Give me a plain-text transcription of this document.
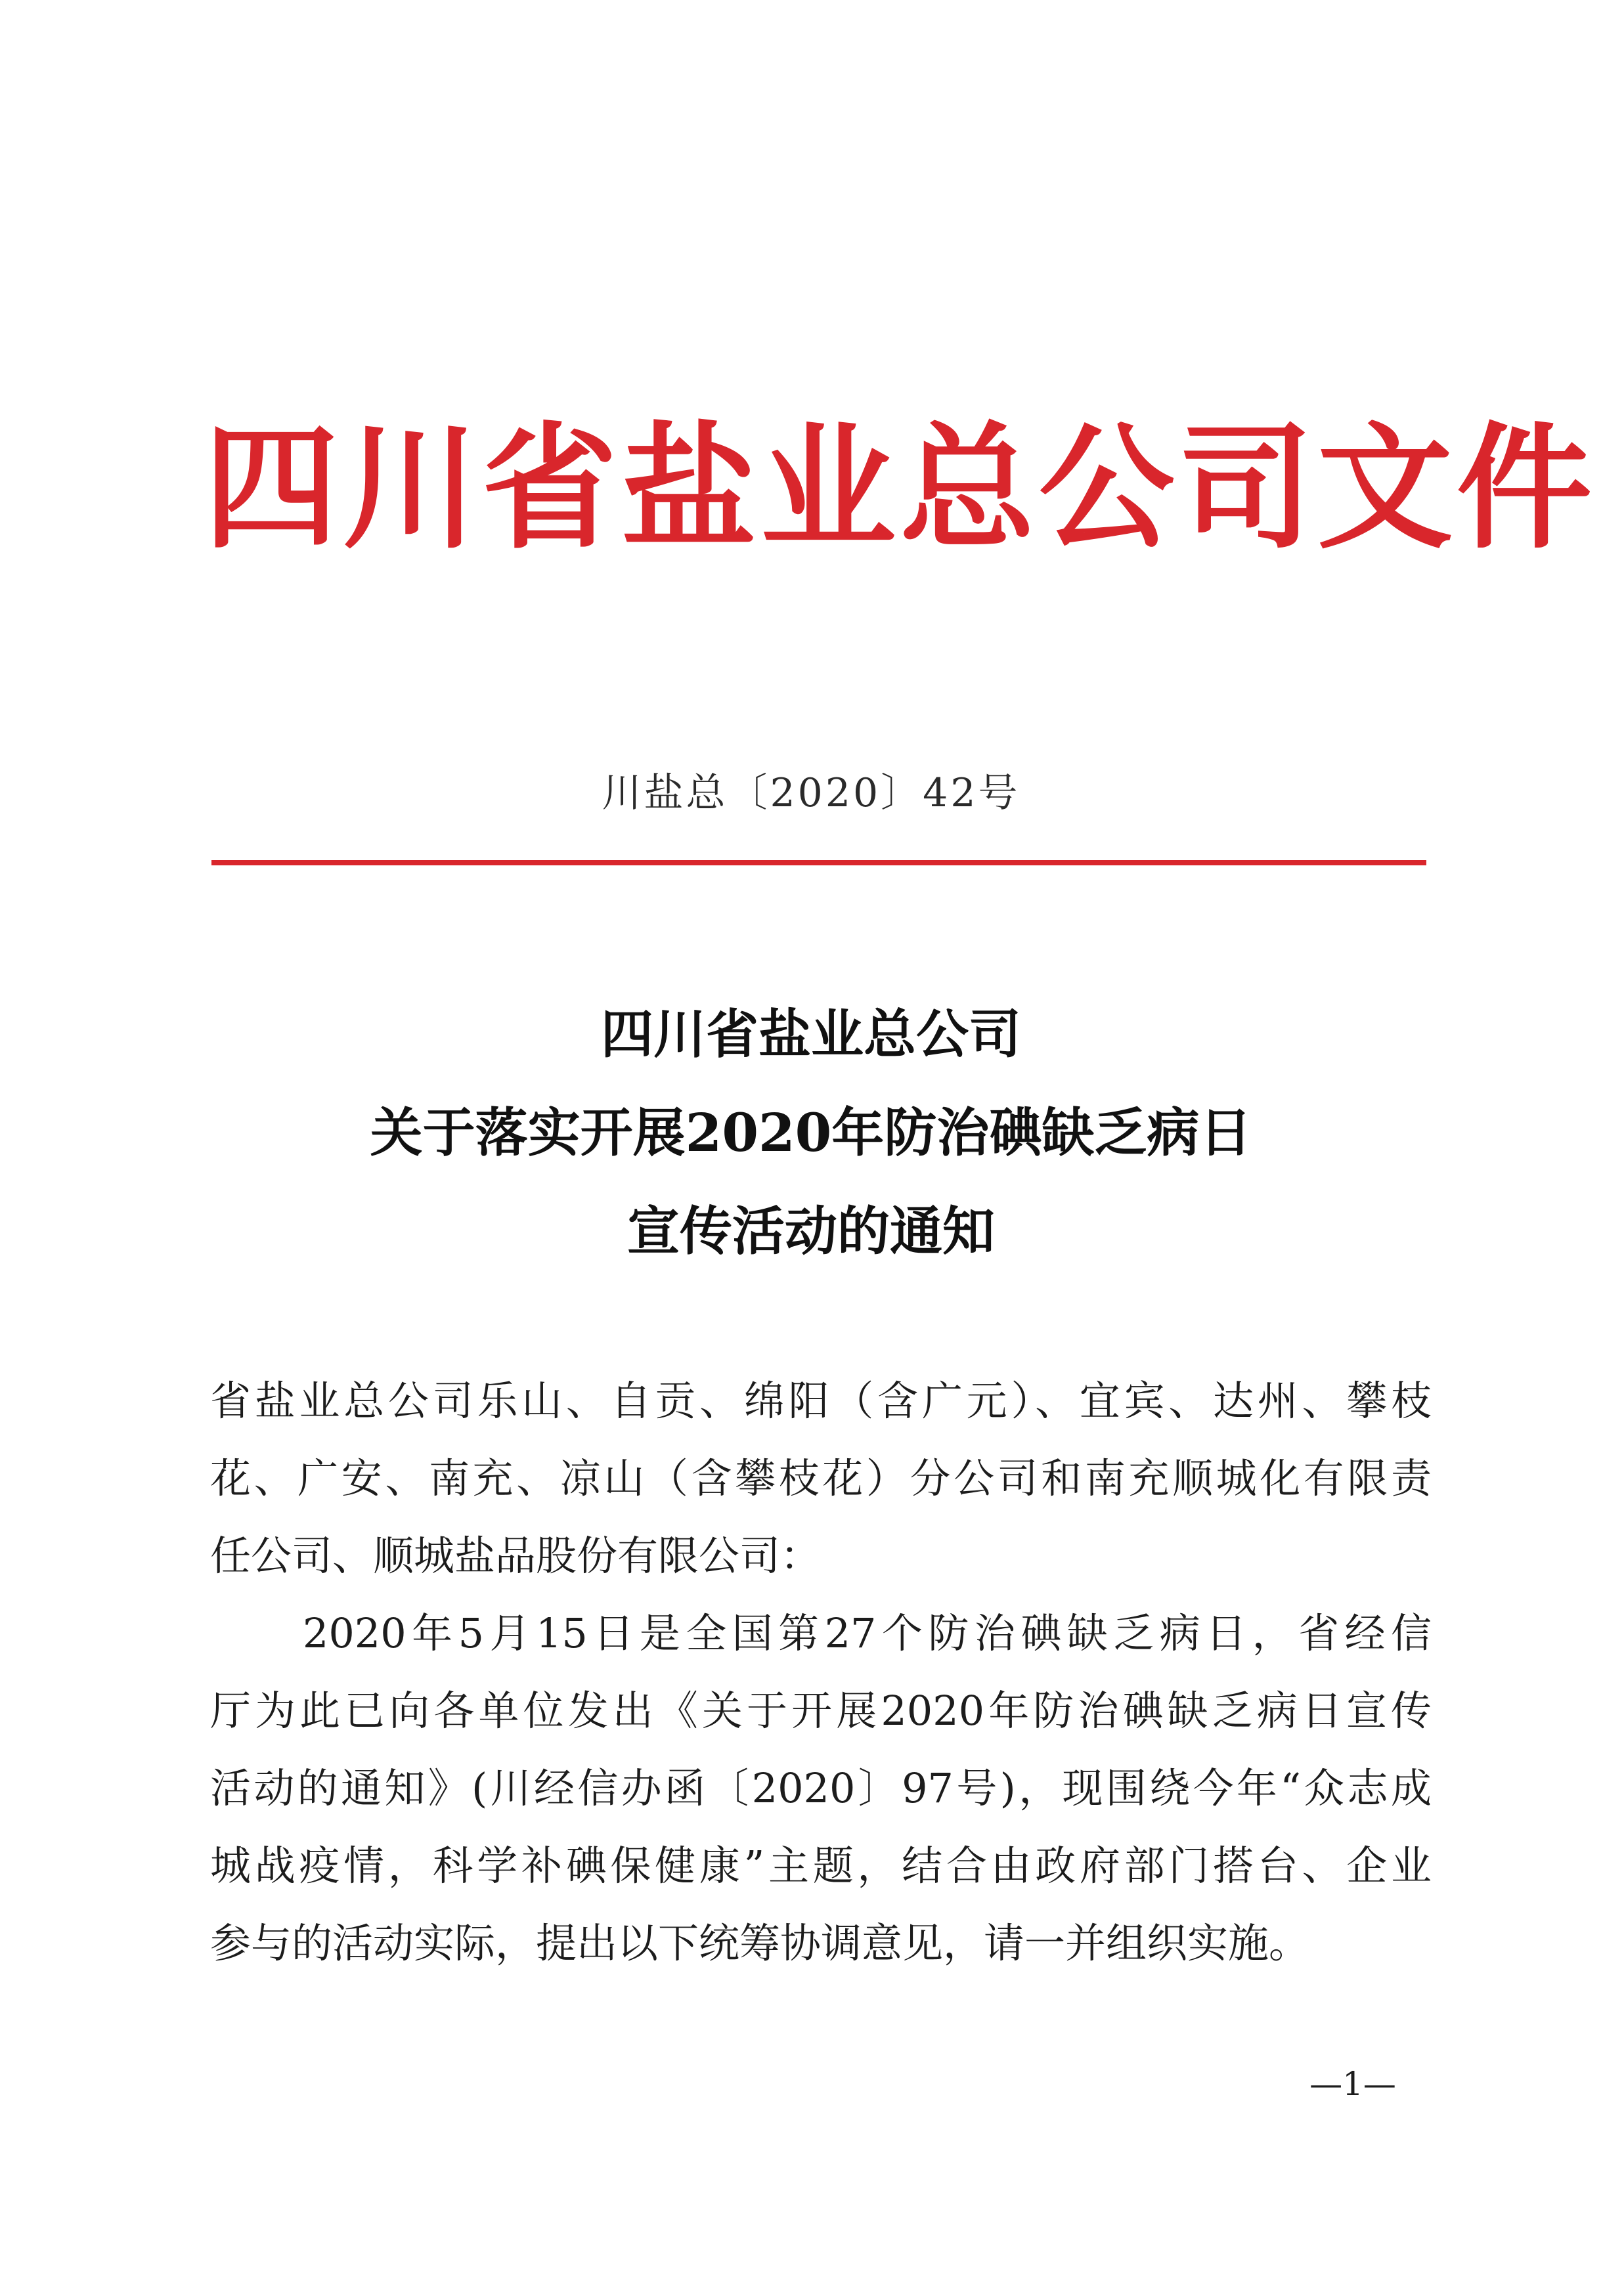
四川省盐业总公司文件
川盐总〔2020〕42号
四川省盐业总公司
关于落实开展2020年防治碘缺乏病日
宣传活动的通知
省盐业总公司乐山、自贡、绵阳（含广元）、宜宾、达州、攀枝
花、广安、南充、凉山（含攀枝花）分公司和南充顺城化有限责
任公司、顺城盐品股份有限公司：
　　2020年5月15日是全国第27个防治碘缺乏病日，省经信
厅为此已向各单位发出《关于开展2020年防治碘缺乏病日宣传
活动的通知》(川经信办函〔2020〕97号)，现围绕今年“众志成
城战疫情，科学补碘保健康”主题，结合由政府部门搭台、企业
参与的活动实际，提出以下统筹协调意见，请一并组织实施。
—1—
